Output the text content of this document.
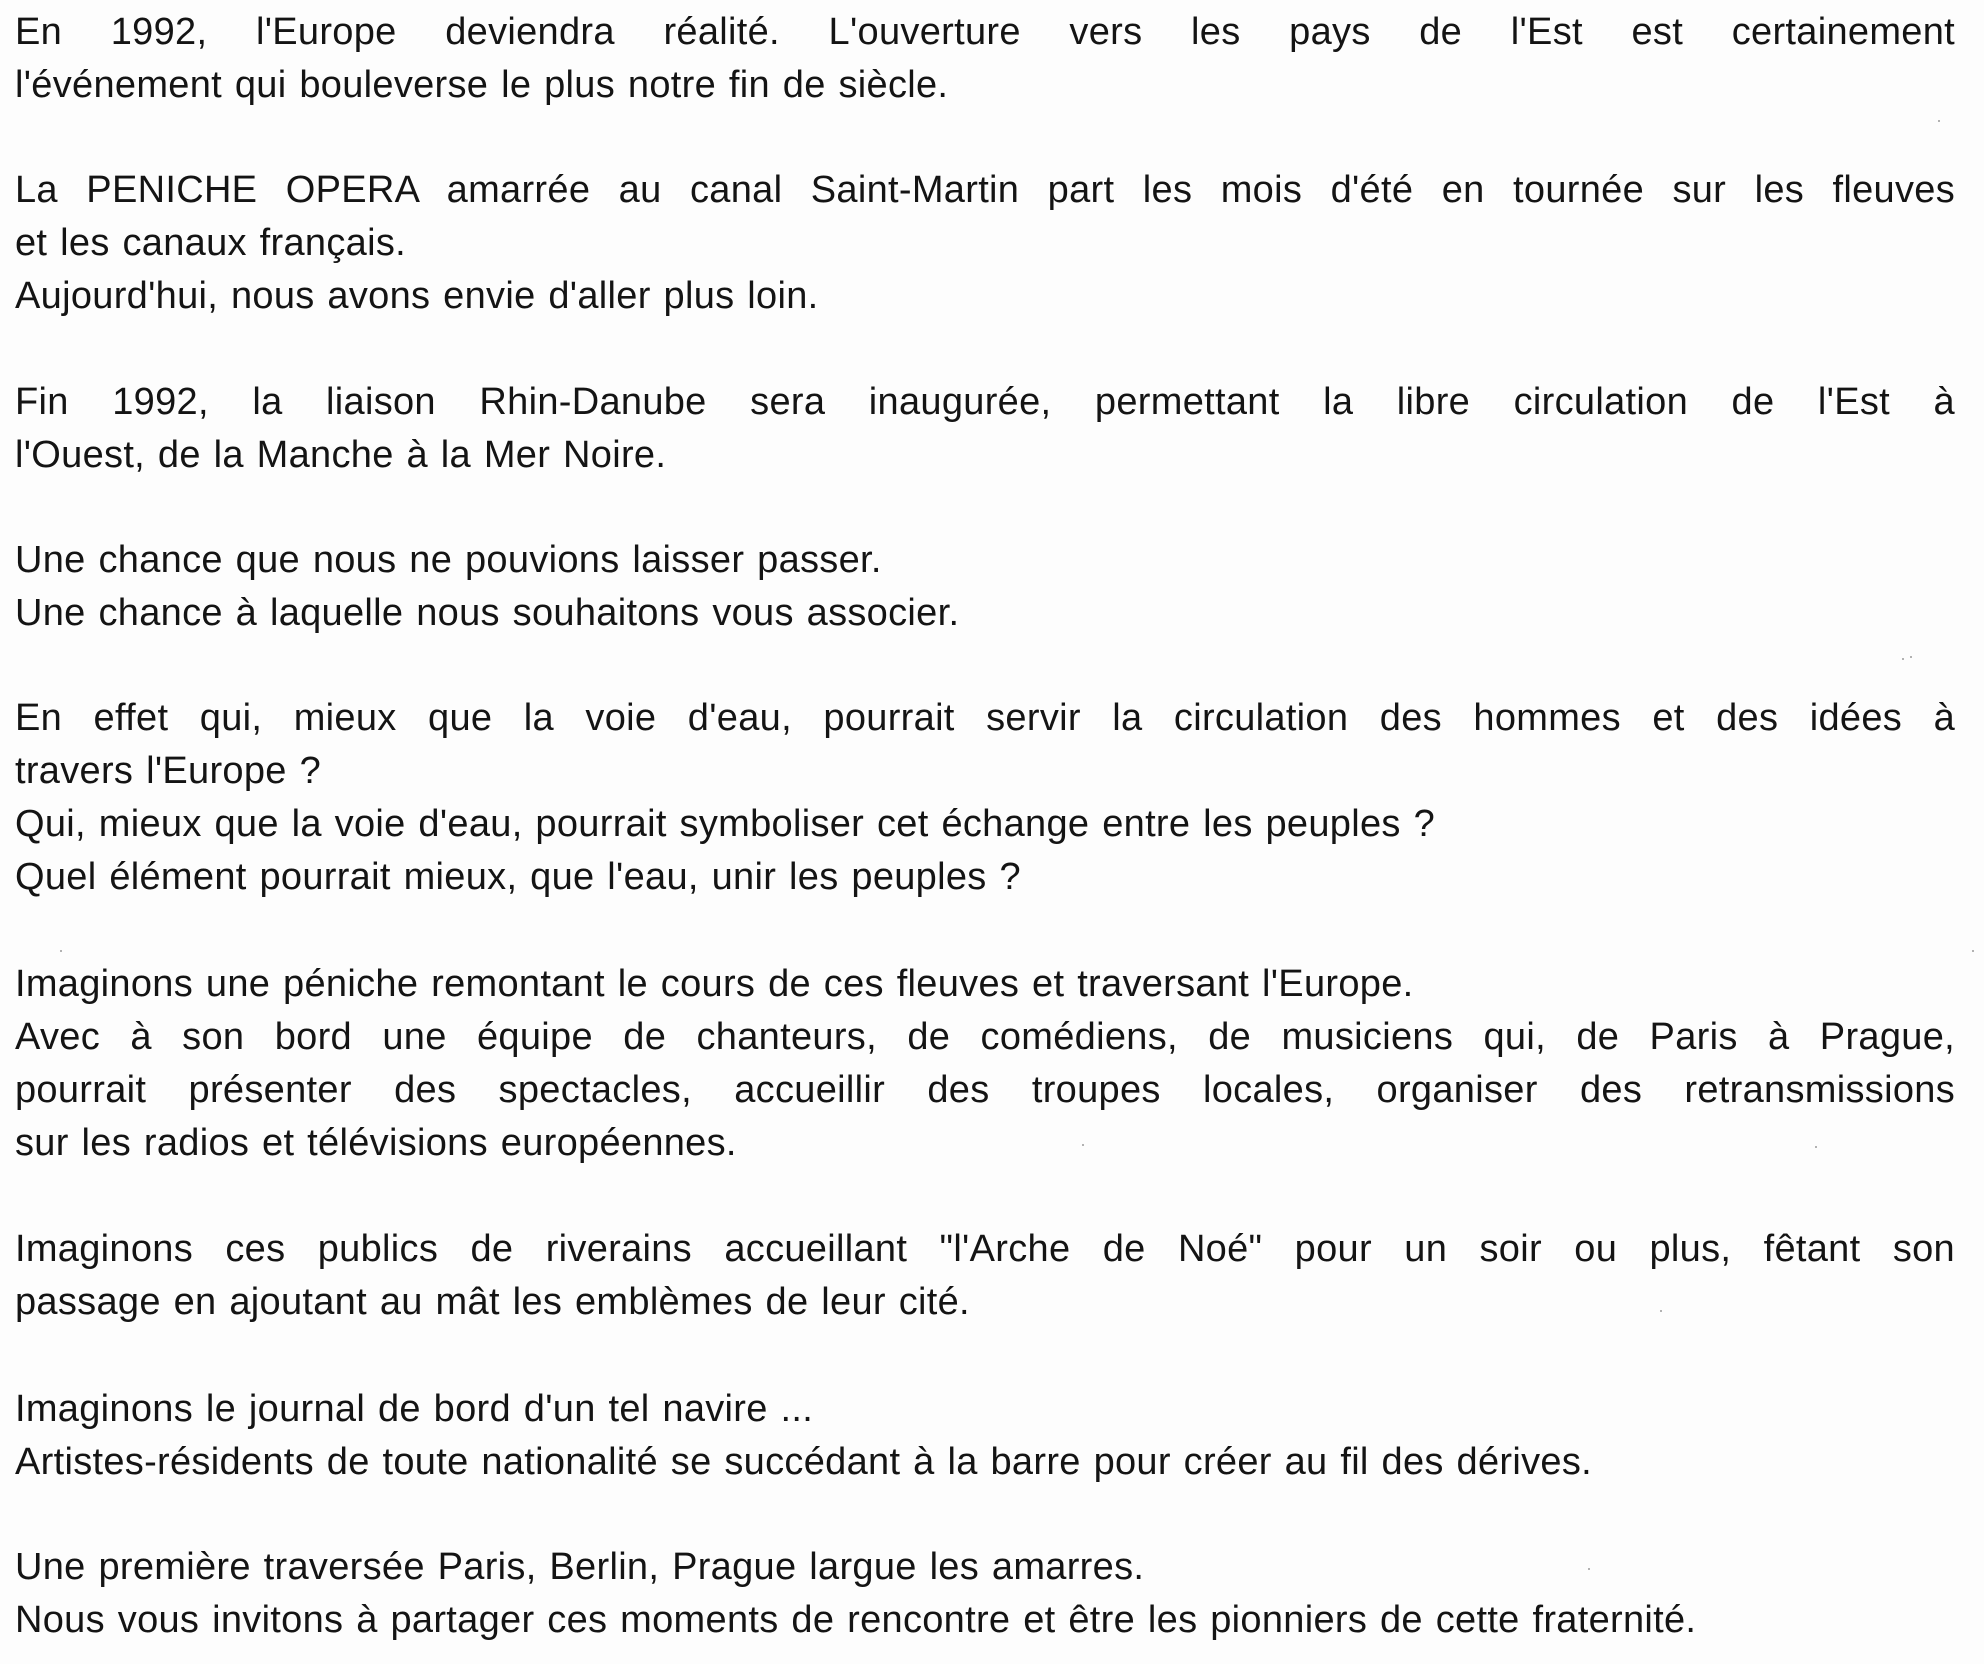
En 1992, l'Europe deviendra réalité. L'ouverture vers les pays de l'Est est certainement
l'événement qui bouleverse le plus notre fin de siècle.
La PENICHE OPERA amarrée au canal Saint-Martin part les mois d'été en tournée sur les fleuves
et les canaux français.
Aujourd'hui, nous avons envie d'aller plus loin.
Fin 1992, la liaison Rhin-Danube sera inaugurée, permettant la libre circulation de l'Est à
l'Ouest, de la Manche à la Mer Noire.
Une chance que nous ne pouvions laisser passer.
Une chance à laquelle nous souhaitons vous associer.
En effet qui, mieux que la voie d'eau, pourrait servir la circulation des hommes et des idées à
travers l'Europe ?
Qui, mieux que la voie d'eau, pourrait symboliser cet échange entre les peuples ?
Quel élément pourrait mieux, que l'eau, unir les peuples ?
Imaginons une péniche remontant le cours de ces fleuves et traversant l'Europe.
Avec à son bord une équipe de chanteurs, de comédiens, de musiciens qui, de Paris à Prague,
pourrait présenter des spectacles, accueillir des troupes locales, organiser des retransmissions
sur les radios et télévisions européennes.
Imaginons ces publics de riverains accueillant "l'Arche de Noé" pour un soir ou plus, fêtant son
passage en ajoutant au mât les emblèmes de leur cité.
Imaginons le journal de bord d'un tel navire ...
Artistes-résidents de toute nationalité se succédant à la barre pour créer au fil des dérives.
Une première traversée Paris, Berlin, Prague largue les amarres.
Nous vous invitons à partager ces moments de rencontre et être les pionniers de cette fraternité.
